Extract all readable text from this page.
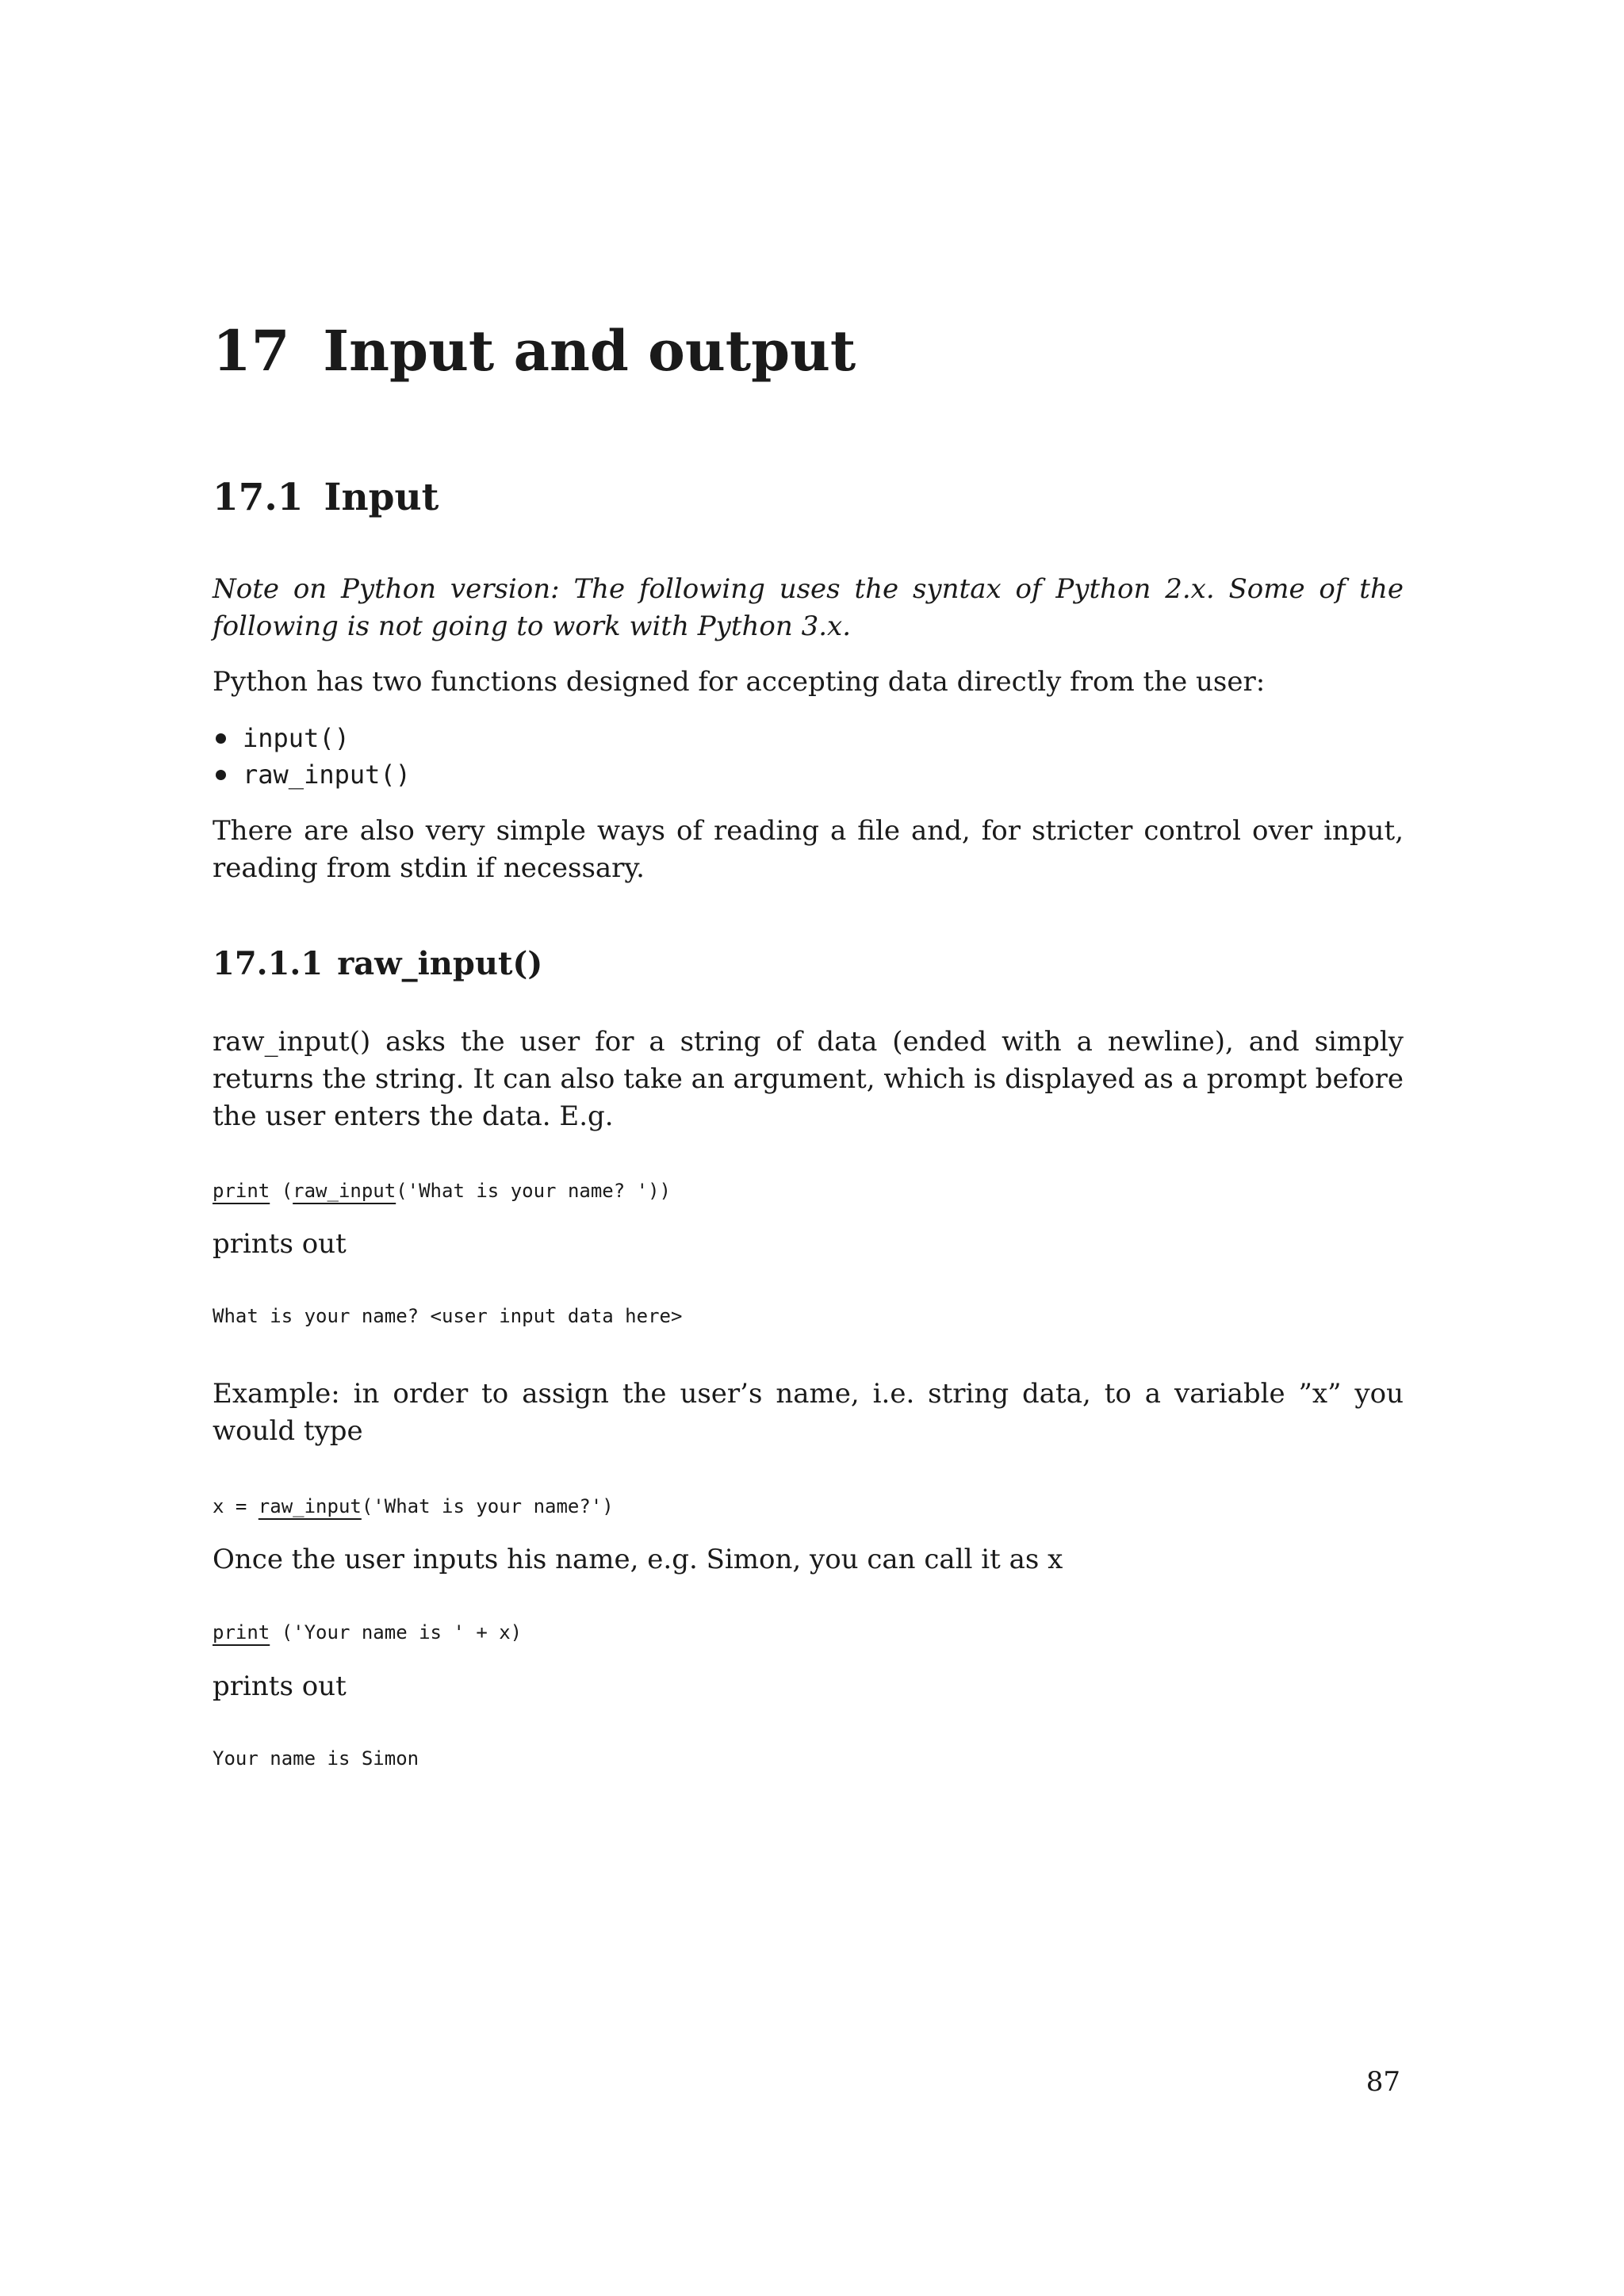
17 Input and output
17.1 Input

Note on Python version: The following uses the syntax of Python 2.x. Some of the following is not going to work with Python 3.x.

Python has two functions designed for accepting data directly from the user:

input()
raw_input()

There are also very simple ways of reading a file and, for stricter control over input, reading from stdin if necessary.

17.1.1 raw_input()

raw_input() asks the user for a string of data (ended with a newline), and simply returns the string. It can also take an argument, which is displayed as a prompt before the user enters the data. E.g.

print (raw_input('What is your name? '))

prints out

What is your name? <user input data here>

Example: in order to assign the user’s name, i.e. string data, to a variable ”x” you would type

x = raw_input('What is your name?')

Once the user inputs his name, e.g. Simon, you can call it as x

print ('Your name is ' + x)

prints out

Your name is Simon
87
